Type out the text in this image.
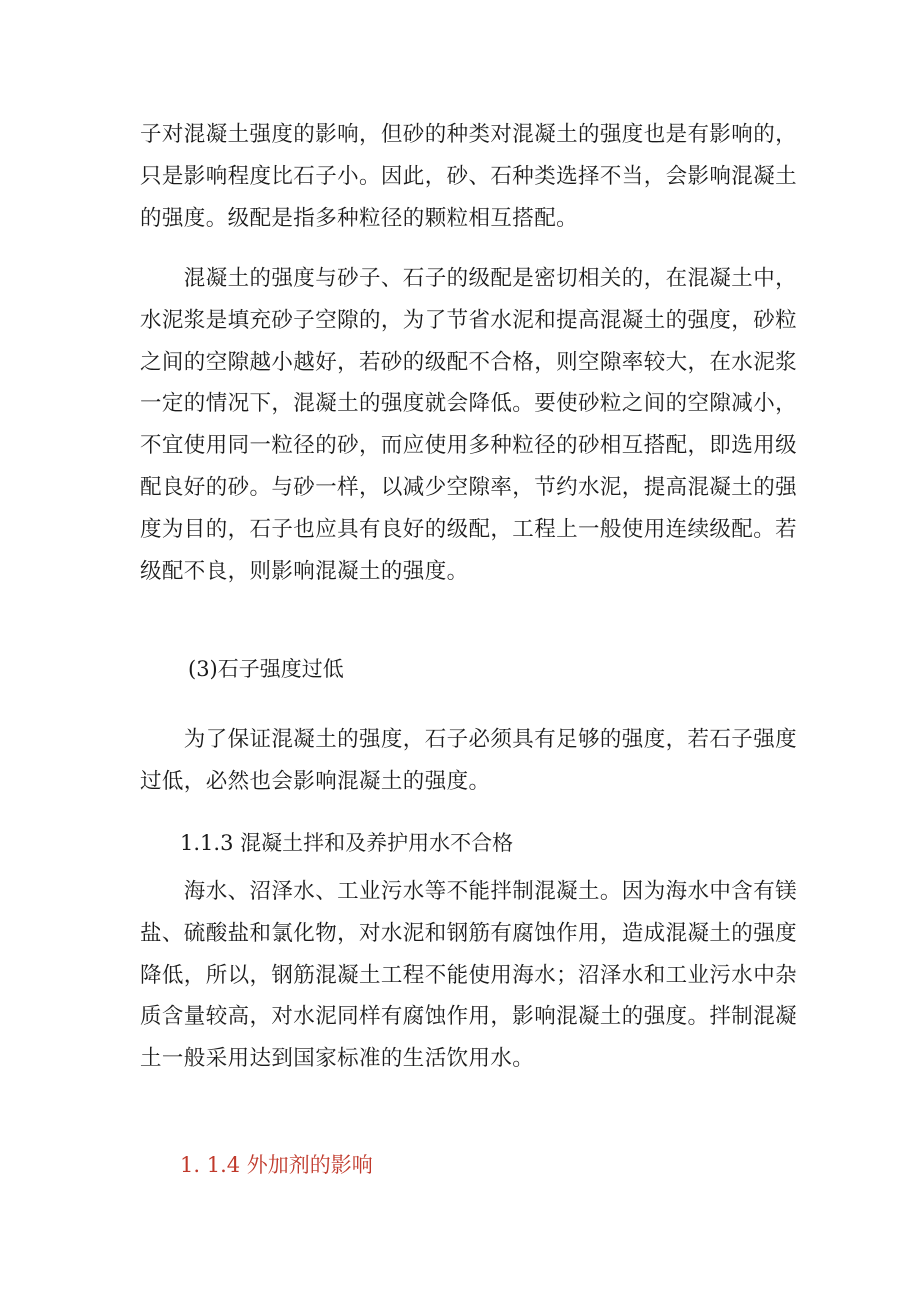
子对混凝土强度的影响，但砂的种类对混凝土的强度也是有影响的，
只是影响程度比石子小。因此，砂、石种类选择不当，会影响混凝土
的强度。级配是指多种粒径的颗粒相互搭配。
　　混凝土的强度与砂子、石子的级配是密切相关的，在混凝土中，
水泥浆是填充砂子空隙的，为了节省水泥和提高混凝土的强度，砂粒
之间的空隙越小越好，若砂的级配不合格，则空隙率较大，在水泥浆
一定的情况下，混凝土的强度就会降低。要使砂粒之间的空隙减小，
不宜使用同一粒径的砂，而应使用多种粒径的砂相互搭配，即选用级
配良好的砂。与砂一样，以减少空隙率，节约水泥，提高混凝土的强
度为目的，石子也应具有良好的级配，工程上一般使用连续级配。若
级配不良，则影响混凝土的强度。
(3)石子强度过低
　　为了保证混凝土的强度，石子必须具有足够的强度，若石子强度
过低，必然也会影响混凝土的强度。
1.1.3 混凝土拌和及养护用水不合格
　　海水、沼泽水、工业污水等不能拌制混凝土。因为海水中含有镁
盐、硫酸盐和氯化物，对水泥和钢筋有腐蚀作用，造成混凝土的强度
降低，所以，钢筋混凝土工程不能使用海水；沼泽水和工业污水中杂
质含量较高，对水泥同样有腐蚀作用，影响混凝土的强度。拌制混凝
土一般采用达到国家标准的生活饮用水。
1. 1.4 外加剂的影响
